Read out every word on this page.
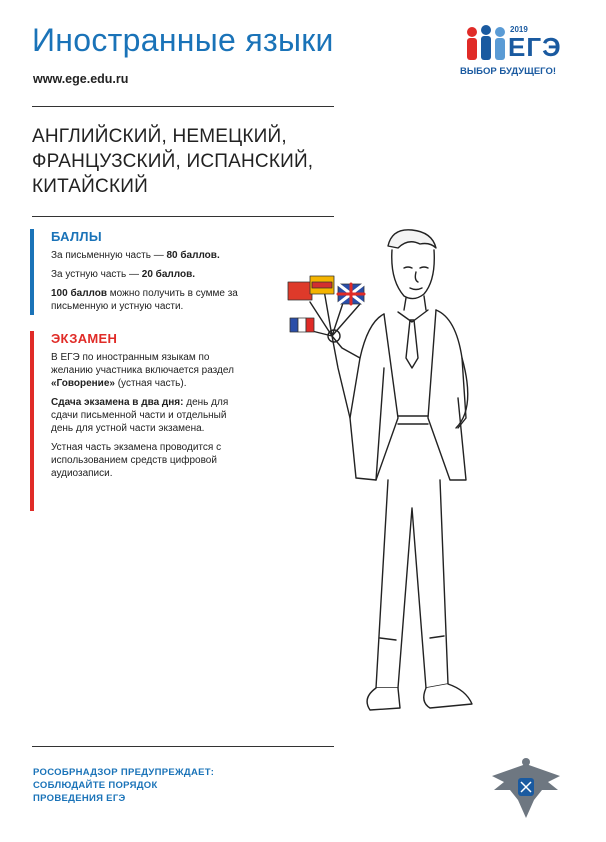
Иностранные языки
www.ege.edu.ru
2019
ЕГЭ
ВЫБОР БУДУЩЕГО!
АНГЛИЙСКИЙ, НЕМЕЦКИЙ,
ФРАНЦУЗСКИЙ, ИСПАНСКИЙ,
КИТАЙСКИЙ
БАЛЛЫ

За письменную часть — 80 баллов.

За устную часть — 20 баллов.

100 баллов можно получить в сумме за письменную и устную части.

ЭКЗАМЕН

В ЕГЭ по иностранным языкам по желанию участника включается раздел «Говорение» (устная часть).

Сдача экзамена в два дня: день для сдачи письменной части и отдельный день для устной части экзамена.

Устная часть экзамена проводится с использованием средств цифровой аудиозаписи.

РОСОБРНАДЗОР ПРЕДУПРЕЖДАЕТ:
СОБЛЮДАЙТЕ ПОРЯДОК
ПРОВЕДЕНИЯ ЕГЭ
